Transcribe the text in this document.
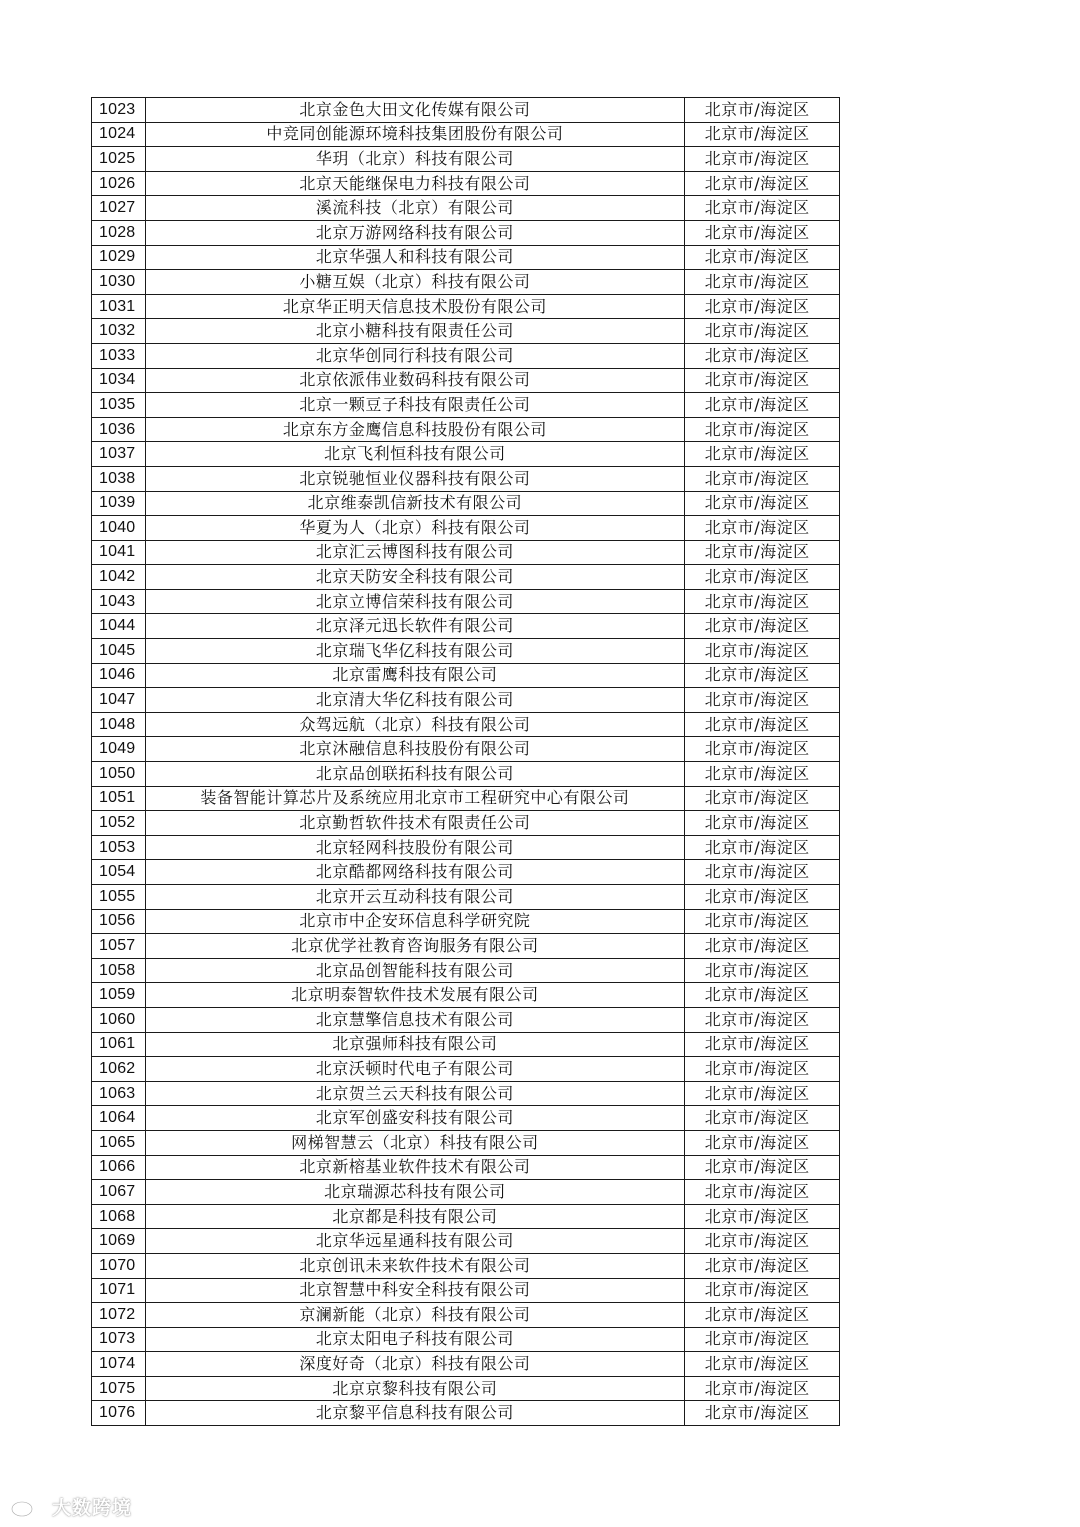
1023	北京金色大田文化传媒有限公司	北京市/海淀区
1024	中竞同创能源环境科技集团股份有限公司	北京市/海淀区
1025	华玥（北京）科技有限公司	北京市/海淀区
1026	北京天能继保电力科技有限公司	北京市/海淀区
1027	溪流科技（北京）有限公司	北京市/海淀区
1028	北京万游网络科技有限公司	北京市/海淀区
1029	北京华强人和科技有限公司	北京市/海淀区
1030	小糖互娱（北京）科技有限公司	北京市/海淀区
1031	北京华正明天信息技术股份有限公司	北京市/海淀区
1032	北京小糖科技有限责任公司	北京市/海淀区
1033	北京华创同行科技有限公司	北京市/海淀区
1034	北京依派伟业数码科技有限公司	北京市/海淀区
1035	北京一颗豆子科技有限责任公司	北京市/海淀区
1036	北京东方金鹰信息科技股份有限公司	北京市/海淀区
1037	北京飞利恒科技有限公司	北京市/海淀区
1038	北京锐驰恒业仪器科技有限公司	北京市/海淀区
1039	北京维泰凯信新技术有限公司	北京市/海淀区
1040	华夏为人（北京）科技有限公司	北京市/海淀区
1041	北京汇云博图科技有限公司	北京市/海淀区
1042	北京天防安全科技有限公司	北京市/海淀区
1043	北京立博信荣科技有限公司	北京市/海淀区
1044	北京泽元迅长软件有限公司	北京市/海淀区
1045	北京瑞飞华亿科技有限公司	北京市/海淀区
1046	北京雷鹰科技有限公司	北京市/海淀区
1047	北京清大华亿科技有限公司	北京市/海淀区
1048	众驾远航（北京）科技有限公司	北京市/海淀区
1049	北京沐融信息科技股份有限公司	北京市/海淀区
1050	北京品创联拓科技有限公司	北京市/海淀区
1051	装备智能计算芯片及系统应用北京市工程研究中心有限公司	北京市/海淀区
1052	北京勤哲软件技术有限责任公司	北京市/海淀区
1053	北京轻网科技股份有限公司	北京市/海淀区
1054	北京酷都网络科技有限公司	北京市/海淀区
1055	北京开云互动科技有限公司	北京市/海淀区
1056	北京市中企安环信息科学研究院	北京市/海淀区
1057	北京优学社教育咨询服务有限公司	北京市/海淀区
1058	北京品创智能科技有限公司	北京市/海淀区
1059	北京明泰智软件技术发展有限公司	北京市/海淀区
1060	北京慧擎信息技术有限公司	北京市/海淀区
1061	北京强师科技有限公司	北京市/海淀区
1062	北京沃顿时代电子有限公司	北京市/海淀区
1063	北京贺兰云天科技有限公司	北京市/海淀区
1064	北京军创盛安科技有限公司	北京市/海淀区
1065	网梯智慧云（北京）科技有限公司	北京市/海淀区
1066	北京新榕基业软件技术有限公司	北京市/海淀区
1067	北京瑞源芯科技有限公司	北京市/海淀区
1068	北京都是科技有限公司	北京市/海淀区
1069	北京华远星通科技有限公司	北京市/海淀区
1070	北京创讯未来软件技术有限公司	北京市/海淀区
1071	北京智慧中科安全科技有限公司	北京市/海淀区
1072	京澜新能（北京）科技有限公司	北京市/海淀区
1073	北京太阳电子科技有限公司	北京市/海淀区
1074	深度好奇（北京）科技有限公司	北京市/海淀区
1075	北京京黎科技有限公司	北京市/海淀区
1076	北京黎平信息科技有限公司	北京市/海淀区
大数跨境
